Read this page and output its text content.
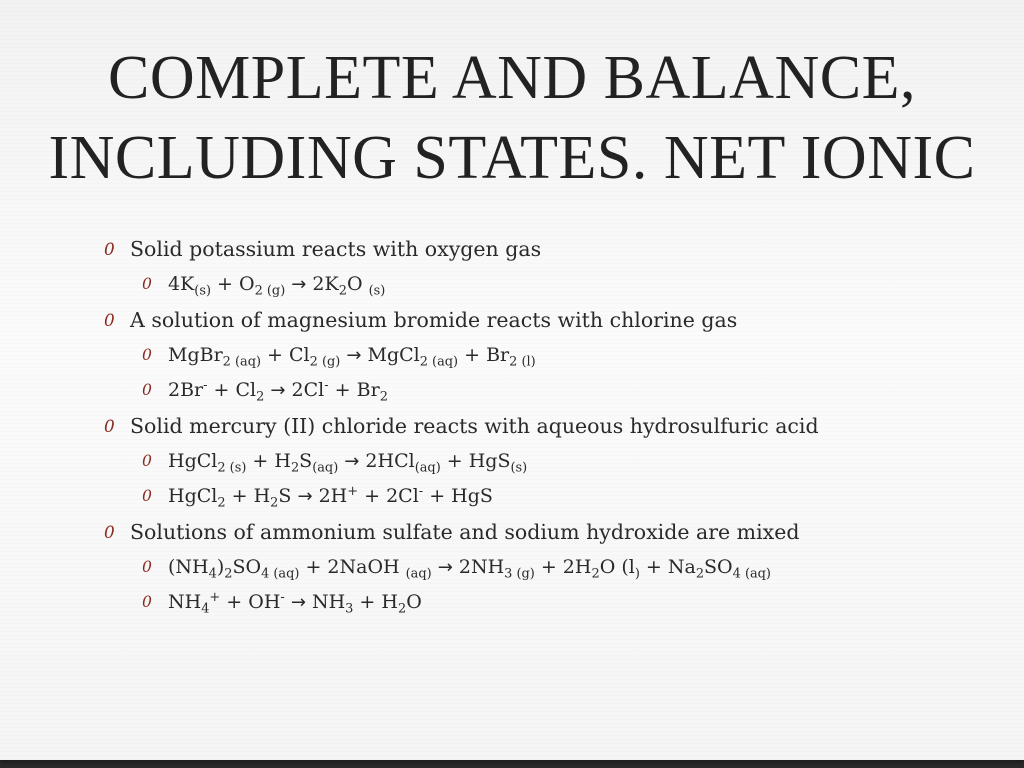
COMPLETE AND BALANCE,
INCLUDING STATES. NET IONIC
0 Solid potassium reacts with oxygen gas
0 $4K_{(s)} + O_{2 (g)} \to 2K_2O$ $_{(s)}$
0 A solution of magnesium bromide reacts with chlorine gas
0 MgBr$_{2 (aq)}$ + $Cl_{2 (g)}$ → MgCl$_{2 (aq)}$ + $Br_{2 (l)}$
0 $2Br^- + Cl_2 \to 2Cl^- + Br_2$
0 Solid mercury (II) chloride reacts with aqueous hydrosulfuric acid
0 HgCl$_{2 (s)}$ + $H_2S_{(aq)} \to 2HCl_{(aq)} + HgS_{(s)}$
0 HgCl$_2$ + $H_2S \to 2H^+ + 2Cl^-$ + HgS
0 Solutions of ammonium sulfate and sodium hydroxide are mixed
0 $(NH_4)_2SO_{4 (aq)}$ + 2NaOH $_{(aq)} \to 2NH_{3 (g)} + 2H_2O$ ($l_) + Na_2SO_{4 (aq)}$
0 $NH_4^+ + OH^- \to NH_3 + H_2O$
